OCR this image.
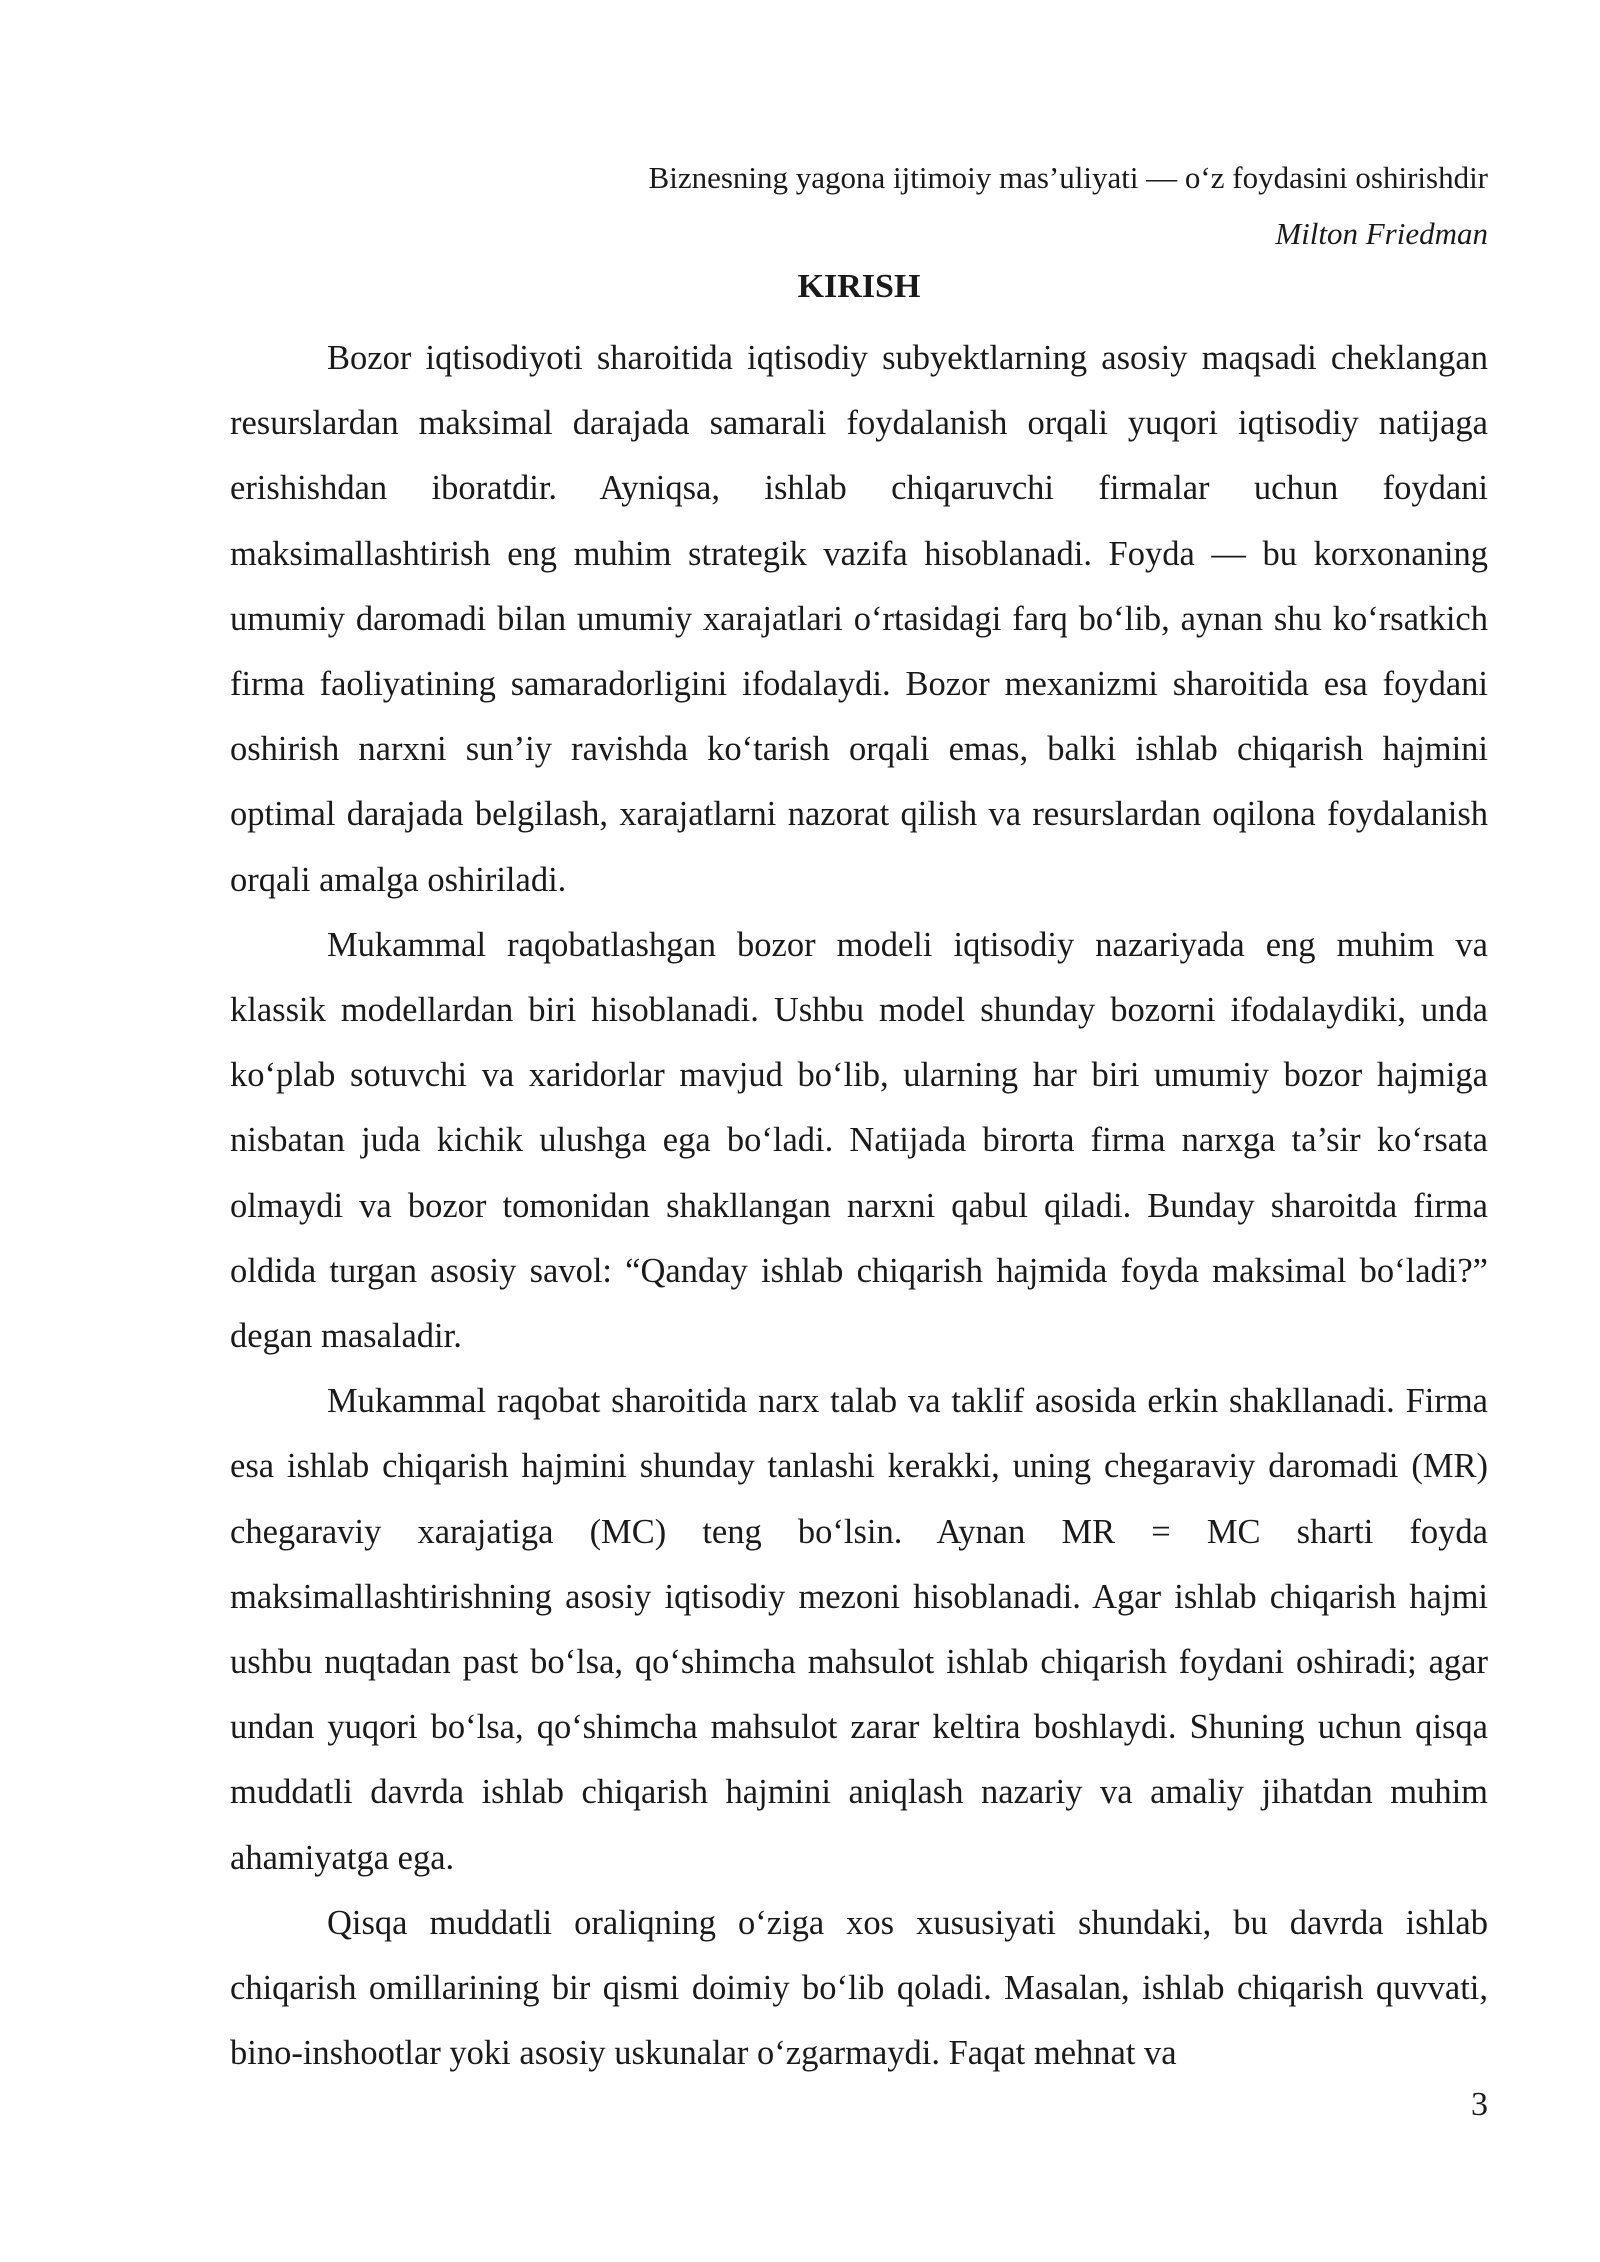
Biznesning yagona ijtimoiy mas’uliyati — o‘z foydasini oshirishdir
Milton Friedman
KIRISH

Bozor iqtisodiyoti sharoitida iqtisodiy subyektlarning asosiy maqsadi cheklangan resurslardan maksimal darajada samarali foydalanish orqali yuqori iqtisodiy natijaga erishishdan iboratdir. Ayniqsa, ishlab chiqaruvchi firmalar uchun foydani maksimallashtirish eng muhim strategik vazifa hisoblanadi. Foyda — bu korxonaning umumiy daromadi bilan umumiy xarajatlari o‘rtasidagi farq bo‘lib, aynan shu ko‘rsatkich firma faoliyatining samaradorligini ifodalaydi. Bozor mexanizmi sharoitida esa foydani oshirish narxni sun’iy ravishda ko‘tarish orqali emas, balki ishlab chiqarish hajmini optimal darajada belgilash, xarajatlarni nazorat qilish va resurslardan oqilona foydalanish orqali amalga oshiriladi.

Mukammal raqobatlashgan bozor modeli iqtisodiy nazariyada eng muhim va klassik modellardan biri hisoblanadi. Ushbu model shunday bozorni ifodalaydiki, unda ko‘plab sotuvchi va xaridorlar mavjud bo‘lib, ularning har biri umumiy bozor hajmiga nisbatan juda kichik ulushga ega bo‘ladi. Natijada birorta firma narxga ta’sir ko‘rsata olmaydi va bozor tomonidan shakllangan narxni qabul qiladi. Bunday sharoitda firma oldida turgan asosiy savol: “Qanday ishlab chiqarish hajmida foyda maksimal bo‘ladi?” degan masaladir.

Mukammal raqobat sharoitida narx talab va taklif asosida erkin shakllanadi. Firma esa ishlab chiqarish hajmini shunday tanlashi kerakki, uning chegaraviy daromadi (MR) chegaraviy xarajatiga (MC) teng bo‘lsin. Aynan MR = MC sharti foyda maksimallashtirishning asosiy iqtisodiy mezoni hisoblanadi. Agar ishlab chiqarish hajmi ushbu nuqtadan past bo‘lsa, qo‘shimcha mahsulot ishlab chiqarish foydani oshiradi; agar undan yuqori bo‘lsa, qo‘shimcha mahsulot zarar keltira boshlaydi. Shuning uchun qisqa muddatli davrda ishlab chiqarish hajmini aniqlash nazariy va amaliy jihatdan muhim ahamiyatga ega.

Qisqa muddatli oraliqning o‘ziga xos xususiyati shundaki, bu davrda ishlab chiqarish omillarining bir qismi doimiy bo‘lib qoladi. Masalan, ishlab chiqarish quvvati, bino-inshootlar yoki asosiy uskunalar o‘zgarmaydi. Faqat mehnat va

3
